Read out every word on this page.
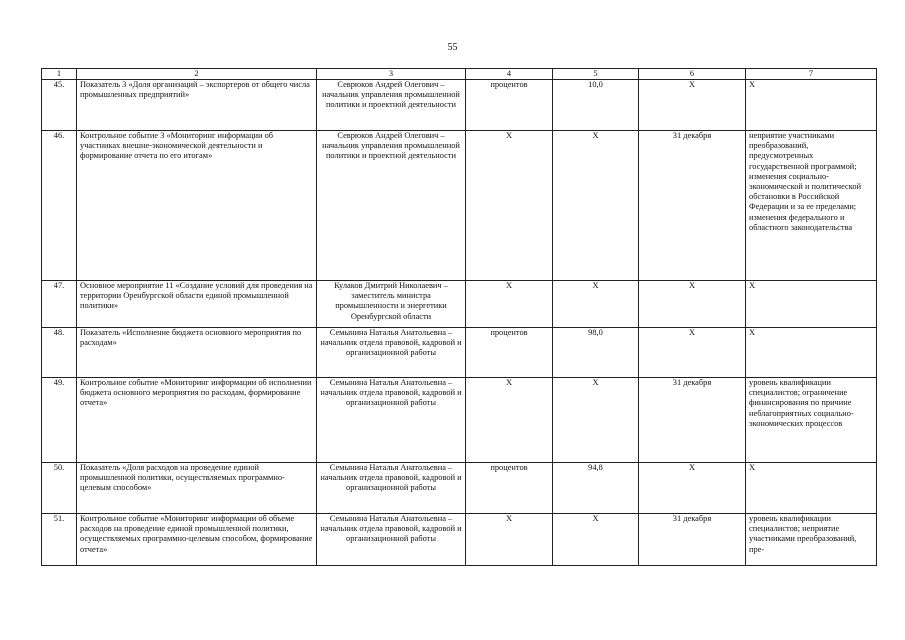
55
1	2	3	4	5	6	7
45.	Показатель 3 «Доля организаций – экспортеров от общего числа промышленных предприятий»	Севрюков Андрей Олегович – начальник управления промышленной политики и проектной деятельности	процентов	10,0	X	X
46.	Контрольное событие 3 «Мониторинг информации об участниках внешне-экономической деятельности и формирование отчета по его итогам»	Севрюков Андрей Олегович – начальник управления промышленной политики и проектной деятельности	X	X	31 декабря	неприятие участниками преобразований, предусмотренных государственной программой; изменения социально-экономической и политической обстановки в Российской Федерации и за ее пределами; изменения федерального и областного законодательства
47.	Основное мероприятие 11 «Создание условий для проведения на территории Оренбургской области единой промышленной политики»	Кулаков Дмитрий Николаевич – заместитель министра промышленности и энергетики Оренбургской области	X	X	X	X
48.	Показатель «Исполнение бюджета основного мероприятия по расходам»	Семынина Наталья Анатольевна – начальник отдела правовой, кадровой и организационной работы	процентов	98,0	X	X
49.	Контрольное событие «Мониторинг информации об исполнении бюджета основного мероприятия по расходам, формирование отчета»	Семынина Наталья Анатольевна – начальник отдела правовой, кадровой и организационной работы	X	X	31 декабря	уровень квалификации специалистов; ограничение финансирования по причине неблагоприятных социально-экономических процессов
50.	Показатель «Доля расходов на проведение единой промышленной политики, осуществляемых программно-целевым способом»	Семынина Наталья Анатольевна – начальник отдела правовой, кадровой и организационной работы	процентов	94,8	X	X
51.	Контрольное событие «Мониторинг информации об объеме расходов на проведение единой промышленной политики, осуществляемых программно-целевым способом, формирование отчета»	Семынина Наталья Анатольевна – начальник отдела правовой, кадровой и организационной работы	X	X	31 декабря	уровень квалификации специалистов; неприятие участниками преобразований, пре-
